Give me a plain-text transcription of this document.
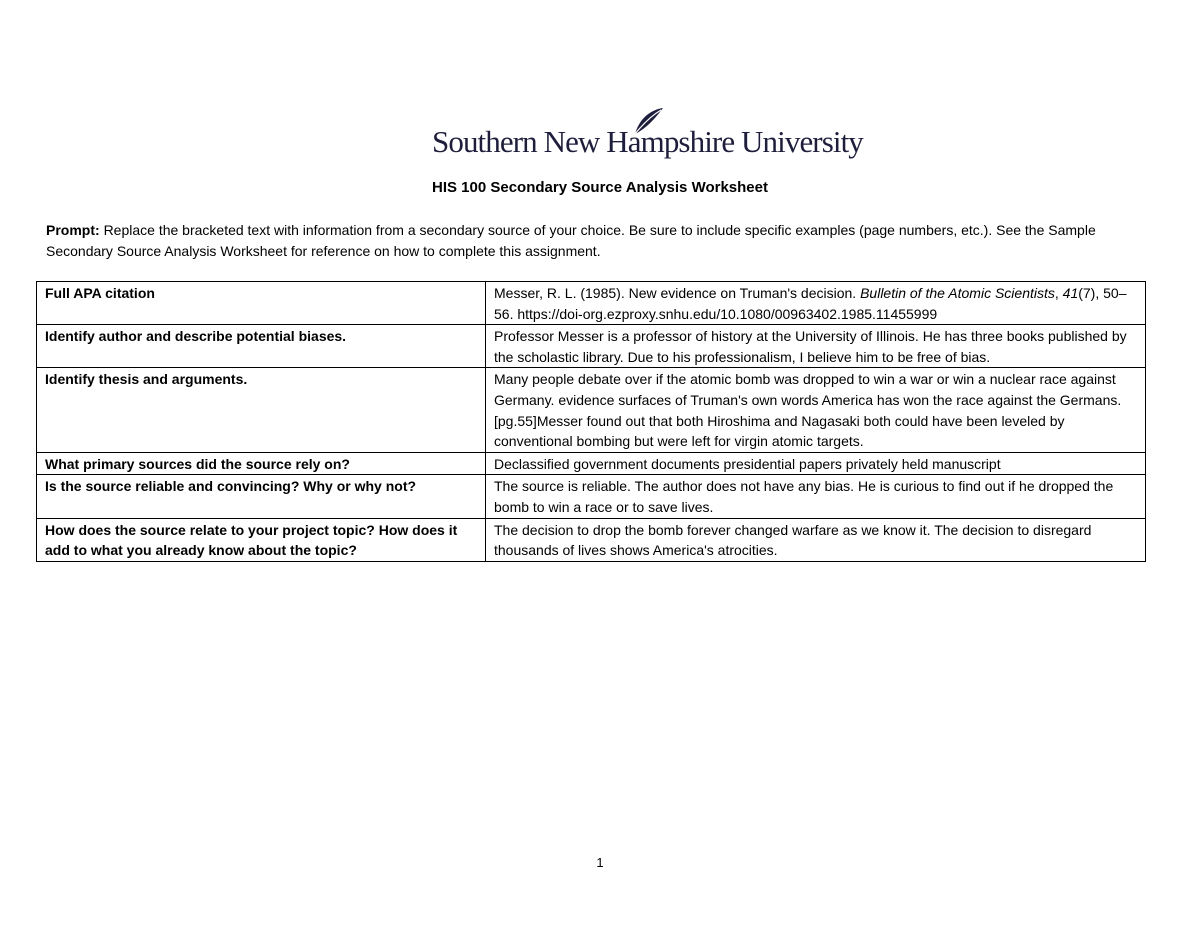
Southern New Hampshire University
HIS 100 Secondary Source Analysis Worksheet
Prompt: Replace the bracketed text with information from a secondary source of your choice. Be sure to include specific examples (page numbers, etc.). See the Sample Secondary Source Analysis Worksheet for reference on how to complete this assignment.
Full APA citation	Messer, R. L. (1985). New evidence on Truman's decision. Bulletin of the Atomic Scientists, 41(7), 50–56. https://doi-org.ezproxy.snhu.edu/10.1080/00963402.1985.11455999
Identify author and describe potential biases.	Professor Messer is a professor of history at the University of Illinois. He has three books published by the scholastic library. Due to his professionalism, I believe him to be free of bias.
Identify thesis and arguments.	Many people debate over if the atomic bomb was dropped to win a war or win a nuclear race against Germany. evidence surfaces of Truman's own words America has won the race against the Germans. [pg.55]Messer found out that both Hiroshima and Nagasaki both could have been leveled by conventional bombing but were left for virgin atomic targets.
What primary sources did the source rely on?	Declassified government documents presidential papers privately held manuscript
Is the source reliable and convincing? Why or why not?	The source is reliable. The author does not have any bias. He is curious to find out if he dropped the bomb to win a race or to save lives.
How does the source relate to your project topic? How does it add to what you already know about the topic?	The decision to drop the bomb forever changed warfare as we know it. The decision to disregard thousands of lives shows America's atrocities.
1
